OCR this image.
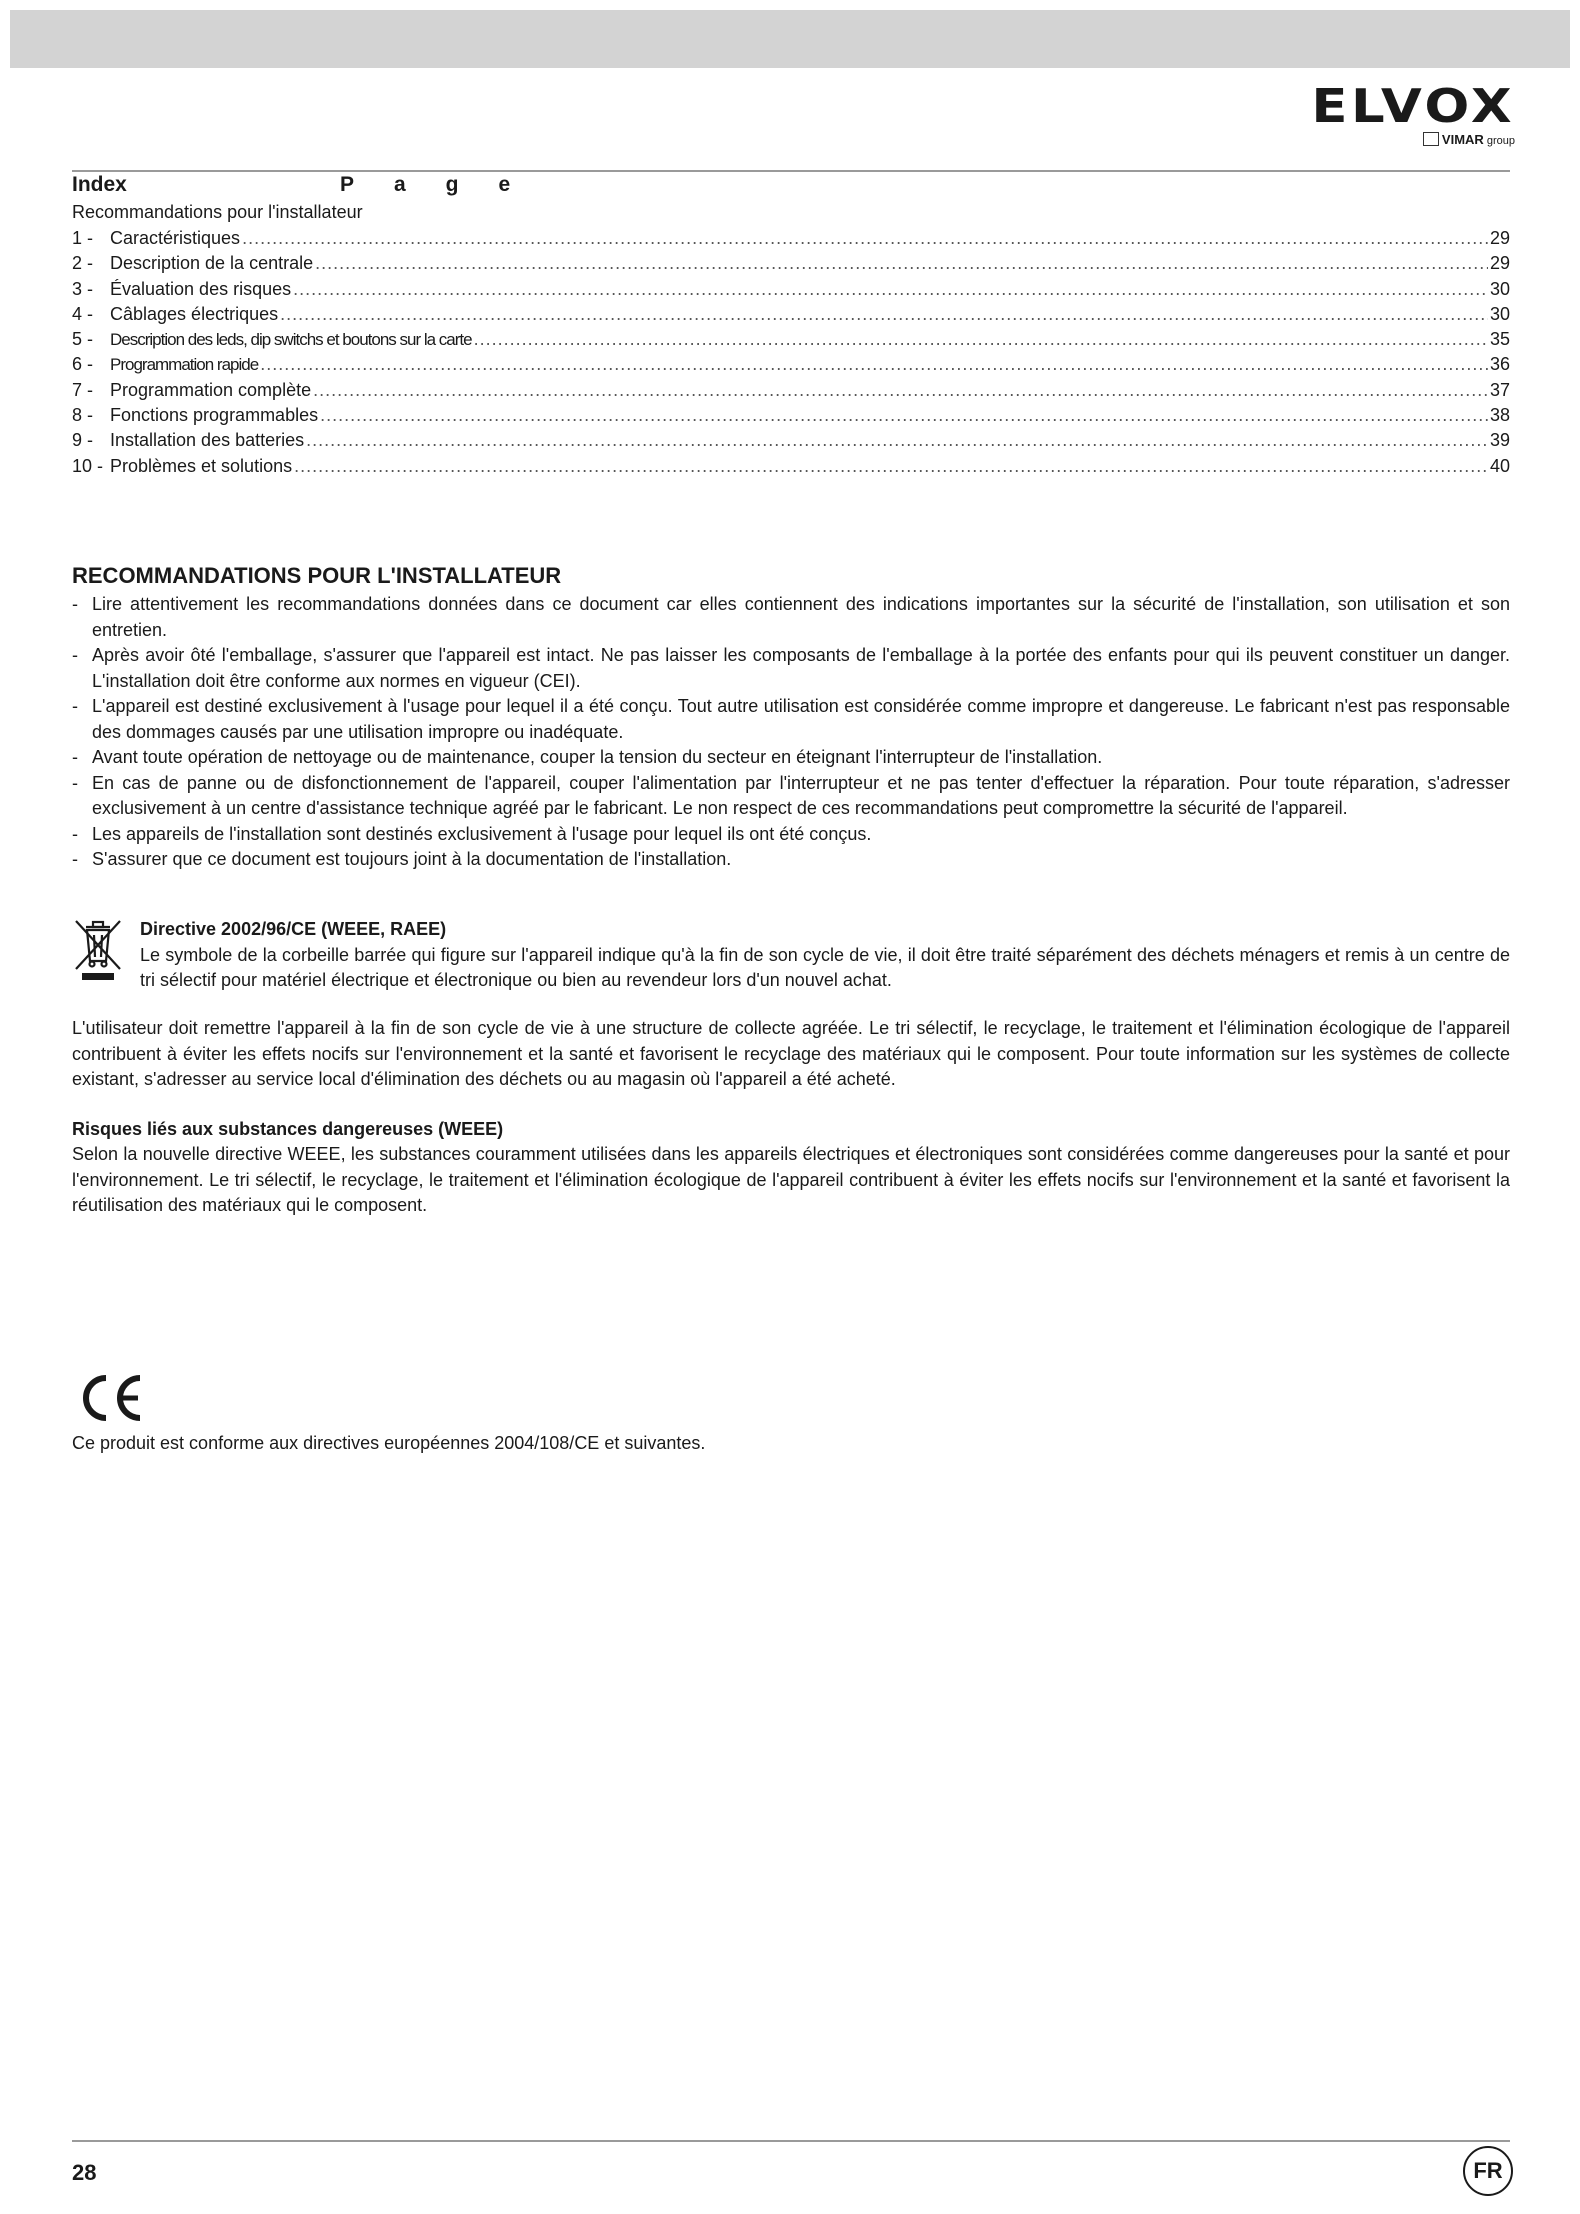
ELVOX
VIMAR group
Index	Page
Recommandations pour l'installateur
1 - Caractéristiques .....	29
2 - Description de la centrale .....	29
3 - Évaluation des risques .....	30
4 - Câblages électriques .....	30
5 - Description des leds, dip switchs et boutons sur la carte .....	35
6 - Programmation rapide .....	36
7 - Programmation complète .....	37
8 - Fonctions programmables .....	38
9 - Installation des batteries .....	39
10 - Problèmes et solutions .....	40
RECOMMANDATIONS POUR L'INSTALLATEUR
- Lire attentivement les recommandations données dans ce document car elles contiennent des indications importantes sur la sécurité de l'installation, son utilisation et son entretien.
- Après avoir ôté l'emballage, s'assurer que l'appareil est intact. Ne pas laisser les composants de l'emballage à la portée des enfants pour qui ils peuvent constituer un danger. L'installation doit être conforme aux normes en vigueur (CEI).
- L'appareil est destiné exclusivement à l'usage pour lequel il a été conçu. Tout autre utilisation est considérée comme impropre et dangereuse. Le fabricant n'est pas responsable des dommages causés par une utilisation impropre ou inadéquate.
- Avant toute opération de nettoyage ou de maintenance, couper la tension du secteur en éteignant l'interrupteur de l'installation.
- En cas de panne ou de disfonctionnement de l'appareil, couper l'alimentation par l'interrupteur et ne pas tenter d'effectuer la réparation. Pour toute réparation, s'adresser exclusivement à un centre d'assistance technique agréé par le fabricant. Le non respect de ces recommandations peut compromettre la sécurité de l'appareil.
- Les appareils de l'installation sont destinés exclusivement à l'usage pour lequel ils ont été conçus.
- S'assurer que ce document est toujours joint à la documentation de l'installation.
Directive 2002/96/CE (WEEE, RAEE)
Le symbole de la corbeille barrée qui figure sur l'appareil indique qu'à la fin de son cycle de vie, il doit être traité séparément des déchets ménagers et remis à un centre de tri sélectif pour matériel électrique et électronique ou bien au revendeur lors d'un nouvel achat.
L'utilisateur doit remettre l'appareil à la fin de son cycle de vie à une structure de collecte agréée. Le tri sélectif, le recyclage, le traitement et l'élimination écologique de l'appareil contribuent à éviter les effets nocifs sur l'environnement et la santé et favorisent le recyclage des matériaux qui le composent. Pour toute information sur les systèmes de collecte existant, s'adresser au service local d'élimination des déchets ou au magasin où l'appareil a été acheté.
Risques liés aux substances dangereuses (WEEE)
Selon la nouvelle directive WEEE, les substances couramment utilisées dans les appareils électriques et électroniques sont considérées comme dangereuses pour la santé et pour l'environnement. Le tri sélectif, le recyclage, le traitement et l'élimination écologique de l'appareil contribuent à éviter les effets nocifs sur l'environnement et la santé et favorisent la réutilisation des matériaux qui le composent.
Ce produit est conforme aux directives européennes 2004/108/CE et suivantes.
28	FR
